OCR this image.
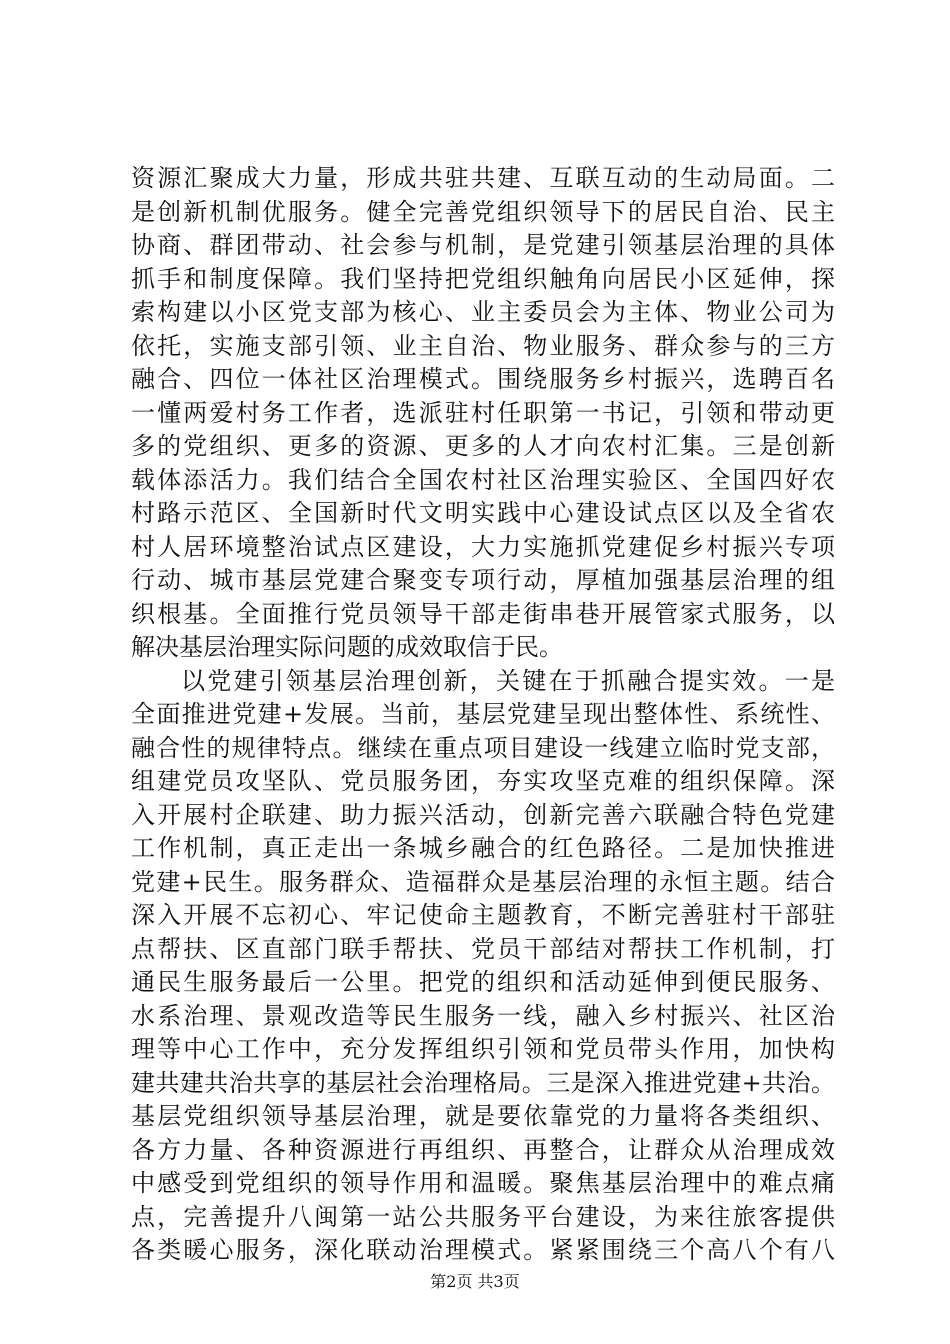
资源汇聚成大力量，形成共驻共建、互联互动的生动局面。二
是创新机制优服务。健全完善党组织领导下的居民自治、民主
协商、群团带动、社会参与机制，是党建引领基层治理的具体
抓手和制度保障。我们坚持把党组织触角向居民小区延伸，探
索构建以小区党支部为核心、业主委员会为主体、物业公司为
依托，实施支部引领、业主自治、物业服务、群众参与的三方
融合、四位一体社区治理模式。围绕服务乡村振兴，选聘百名
一懂两爱村务工作者，选派驻村任职第一书记，引领和带动更
多的党组织、更多的资源、更多的人才向农村汇集。三是创新
载体添活力。我们结合全国农村社区治理实验区、全国四好农
村路示范区、全国新时代文明实践中心建设试点区以及全省农
村人居环境整治试点区建设，大力实施抓党建促乡村振兴专项
行动、城市基层党建合聚变专项行动，厚植加强基层治理的组
织根基。全面推行党员领导干部走街串巷开展管家式服务，以
解决基层治理实际问题的成效取信于民。
以党建引领基层治理创新，关键在于抓融合提实效。一是
全面推进党建+发展。当前，基层党建呈现出整体性、系统性、
融合性的规律特点。继续在重点项目建设一线建立临时党支部，
组建党员攻坚队、党员服务团，夯实攻坚克难的组织保障。深
入开展村企联建、助力振兴活动，创新完善六联融合特色党建
工作机制，真正走出一条城乡融合的红色路径。二是加快推进
党建+民生。服务群众、造福群众是基层治理的永恒主题。结合
深入开展不忘初心、牢记使命主题教育，不断完善驻村干部驻
点帮扶、区直部门联手帮扶、党员干部结对帮扶工作机制，打
通民生服务最后一公里。把党的组织和活动延伸到便民服务、
水系治理、景观改造等民生服务一线，融入乡村振兴、社区治
理等中心工作中，充分发挥组织引领和党员带头作用，加快构
建共建共治共享的基层社会治理格局。三是深入推进党建+共治。
基层党组织领导基层治理，就是要依靠党的力量将各类组织、
各方力量、各种资源进行再组织、再整合，让群众从治理成效
中感受到党组织的领导作用和温暖。聚焦基层治理中的难点痛
点，完善提升八闽第一站公共服务平台建设，为来往旅客提供
各类暖心服务，深化联动治理模式。紧紧围绕三个高八个有八
第2页 共3页
